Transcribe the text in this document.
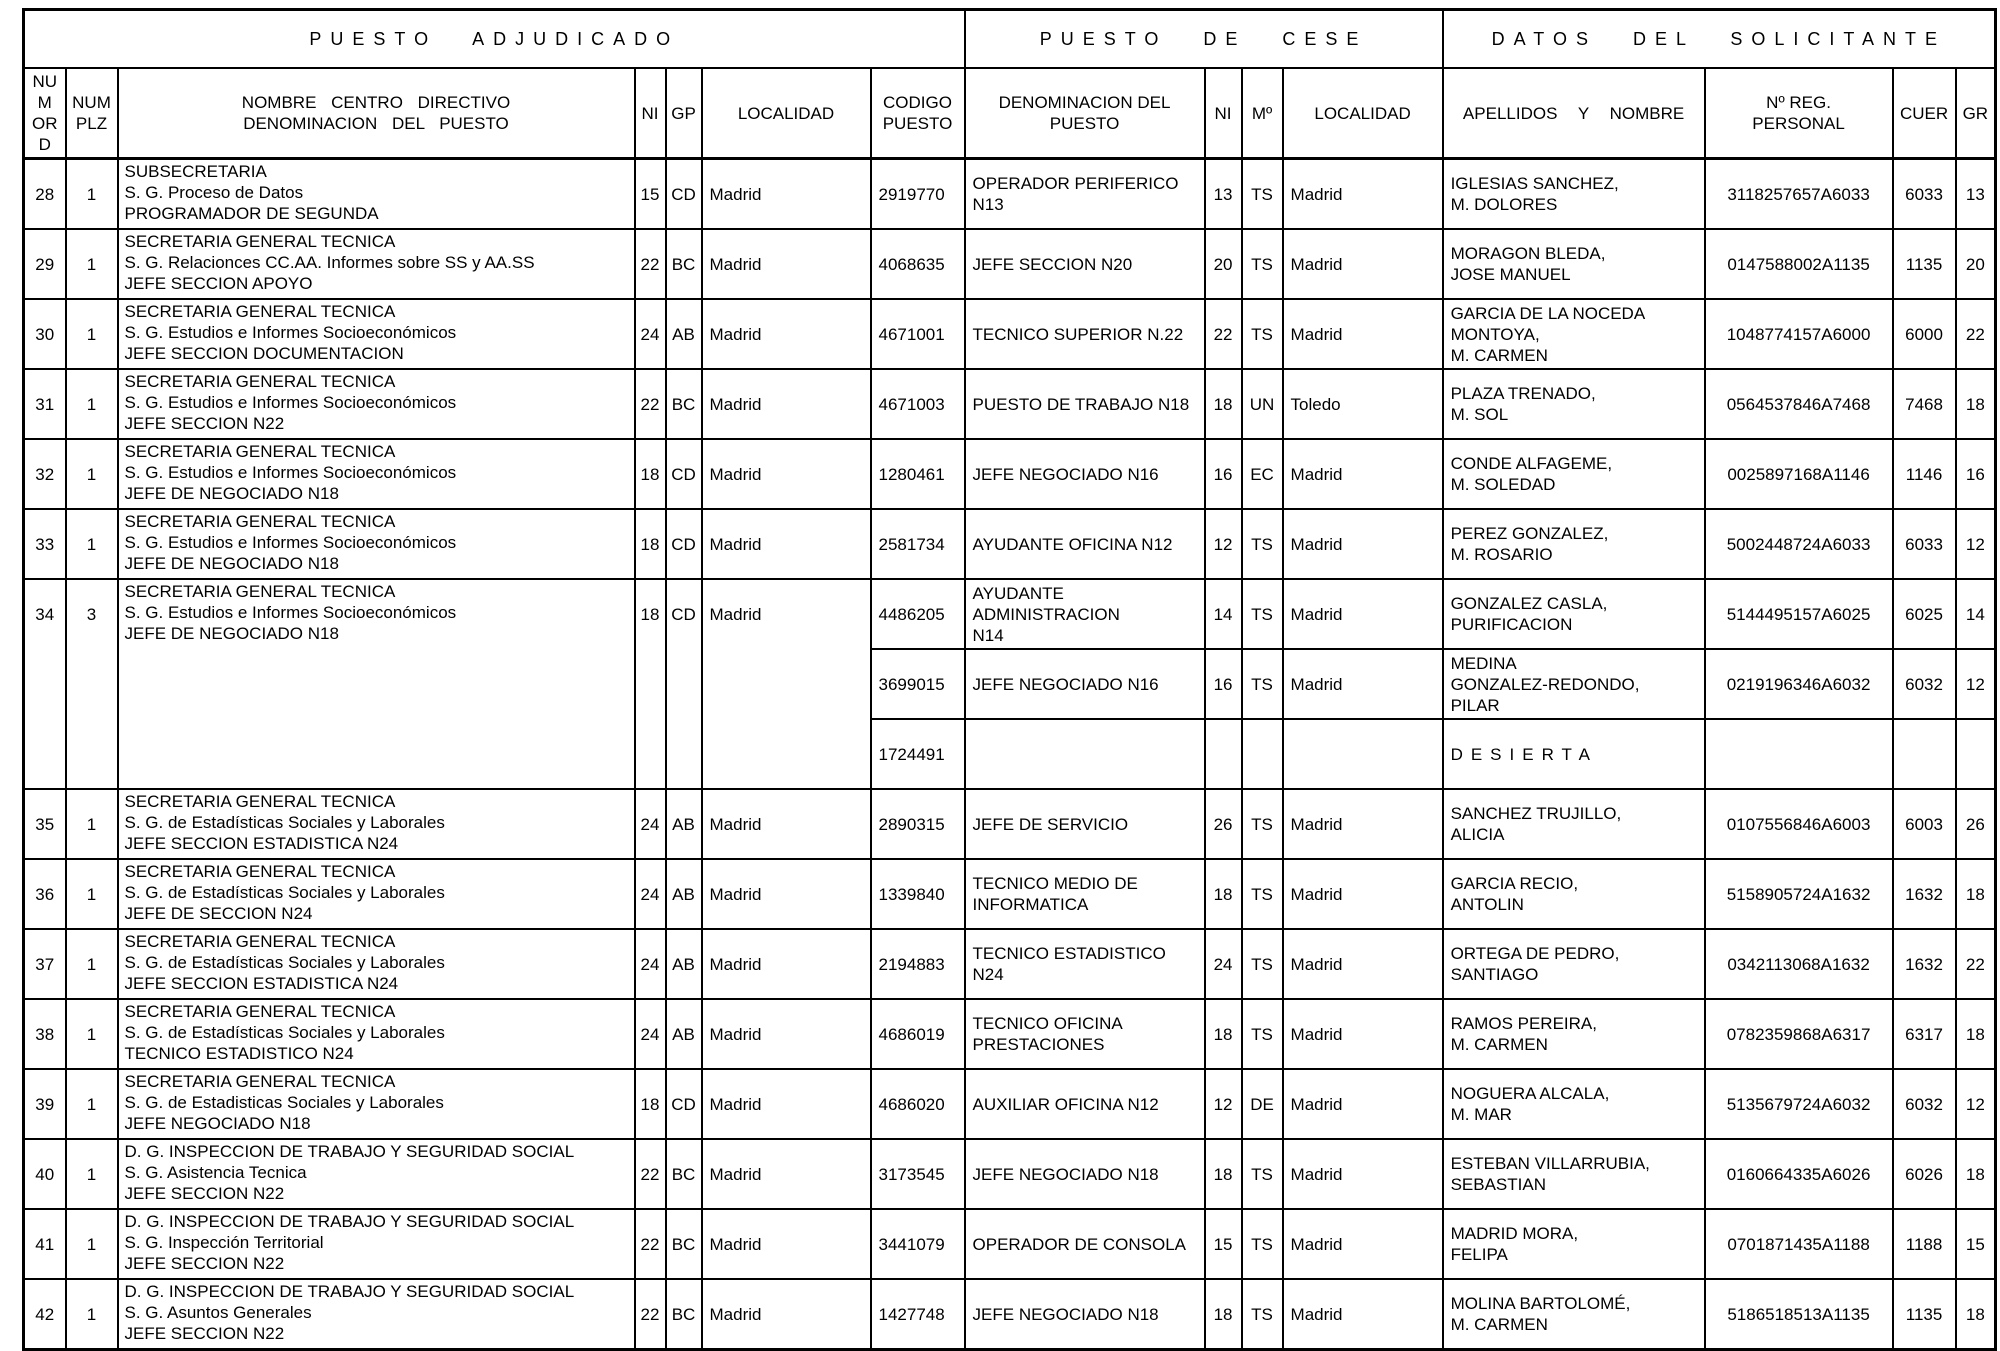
PUESTO ADJUDICADO							PUESTO DE CESE				DATOS DEL SOLICITANTE			

NUM
ORD

NUM
PLZ

NOMBRE CENTRO DIRECTIVO
DENOMINACION DEL PUESTO

NI	GP	LOCALIDAD

CODIGO
PUESTO

DENOMINACION DEL
PUESTO

NI	Mº	LOCALIDAD	APELLIDOS Y NOMBRE

Nº REG.
PERSONAL

CUER	GR

28	1	
SUBSECRETARIA
S. G. Proceso de Datos
PROGRAMADOR DE SEGUNDA
	15	CD	Madrid	2919770	
OPERADOR PERIFERICO N13
	13	TS	Madrid	
IGLESIAS SANCHEZ,
M. DOLORES
	3118257657A6033	6033	13
29	1	
SECRETARIA GENERAL TECNICA
S. G. Relacionces CC.AA. Informes sobre SS y AA.SS
JEFE SECCION APOYO
	22	BC	Madrid	4068635	JEFE SECCION N20	20	TS	Madrid	
MORAGON BLEDA,
JOSE MANUEL
	0147588002A1135	1135	20
30	1	
SECRETARIA GENERAL TECNICA
S. G. Estudios e Informes Socioeconómicos
JEFE SECCION DOCUMENTACION
	24	AB	Madrid	4671001	TECNICO SUPERIOR N.22	22	TS	Madrid	
GARCIA DE LA NOCEDA
MONTOYA,
M. CARMEN
	1048774157A6000	6000	22
31	1	
SECRETARIA GENERAL TECNICA
S. G. Estudios e Informes Socioeconómicos
JEFE SECCION N22
	22	BC	Madrid	4671003	PUESTO DE TRABAJO N18	18	UN	Toledo	
PLAZA TRENADO,
M. SOL
	0564537846A7468	7468	18
32	1	
SECRETARIA GENERAL TECNICA
S. G. Estudios e Informes Socioeconómicos
JEFE DE NEGOCIADO N18
	18	CD	Madrid	1280461	JEFE NEGOCIADO N16	16	EC	Madrid	
CONDE ALFAGEME,
M. SOLEDAD
	0025897168A1146	1146	16
33	1	
SECRETARIA GENERAL TECNICA
S. G. Estudios e Informes Socioeconómicos
JEFE DE NEGOCIADO N18
	18	CD	Madrid	2581734	AYUDANTE OFICINA N12	12	TS	Madrid	
PEREZ GONZALEZ,
M. ROSARIO
	5002448724A6033	6033	12
34	3	
SECRETARIA GENERAL TECNICA
S. G. Estudios e Informes Socioeconómicos
JEFE DE NEGOCIADO N18
	18	CD	Madrid	4486205	
AYUDANTE ADMINISTRACION
N14
	14	TS	Madrid	
GONZALEZ CASLA,
PURIFICACION
	5144495157A6025	6025	14
						3699015	JEFE NEGOCIADO N16	16	TS	Madrid	MEDINA
GONZALEZ-REDONDO,
PILAR	0219196346A6032	6032	12
						1724491					DESIERTA			
35	1	
SECRETARIA GENERAL TECNICA
S. G. de Estadísticas Sociales y Laborales
JEFE SECCION ESTADISTICA N24
	24	AB	Madrid	2890315	JEFE DE SERVICIO	26	TS	Madrid	
SANCHEZ TRUJILLO,
ALICIA
	0107556846A6003	6003	26
36	1	
SECRETARIA GENERAL TECNICA
S. G. de Estadísticas Sociales y Laborales
JEFE DE SECCION N24
	24	AB	Madrid	1339840	
TECNICO MEDIO DE
INFORMATICA
	18	TS	Madrid	
GARCIA RECIO,
ANTOLIN
	5158905724A1632	1632	18
37	1	
SECRETARIA GENERAL TECNICA
S. G. de Estadísticas Sociales y Laborales
JEFE SECCION ESTADISTICA N24
	24	AB	Madrid	2194883	
TECNICO ESTADISTICO N24
	24	TS	Madrid	
ORTEGA DE PEDRO,
SANTIAGO
	0342113068A1632	1632	22
38	1	
SECRETARIA GENERAL TECNICA
S. G. de Estadísticas Sociales y Laborales
TECNICO ESTADISTICO N24
	24	AB	Madrid	4686019	
TECNICO OFICINA
PRESTACIONES
	18	TS	Madrid	
RAMOS PEREIRA,
M. CARMEN
	0782359868A6317	6317	18
39	1	
SECRETARIA GENERAL TECNICA
S. G. de Estadisticas Sociales y Laborales
JEFE NEGOCIADO N18
	18	CD	Madrid	4686020	AUXILIAR OFICINA N12	12	DE	Madrid	
NOGUERA ALCALA,
M. MAR
	5135679724A6032	6032	12
40	1	
D. G. INSPECCION DE TRABAJO Y SEGURIDAD SOCIAL
S. G. Asistencia Tecnica
JEFE SECCION N22
	22	BC	Madrid	3173545	JEFE NEGOCIADO N18	18	TS	Madrid	
ESTEBAN VILLARRUBIA,
SEBASTIAN
	0160664335A6026	6026	18
41	1	
D. G. INSPECCION DE TRABAJO Y SEGURIDAD SOCIAL
S. G. Inspección Territorial
JEFE SECCION N22
	22	BC	Madrid	3441079	OPERADOR DE CONSOLA	15	TS	Madrid	
MADRID MORA,
FELIPA
	0701871435A1188	1188	15
42	1	
D. G. INSPECCION DE TRABAJO Y SEGURIDAD SOCIAL
S. G. Asuntos Generales
JEFE SECCION N22
	22	BC	Madrid	1427748	JEFE NEGOCIADO N18	18	TS	Madrid	
MOLINA BARTOLOMÉ,
M. CARMEN
	5186518513A1135	1135	18
